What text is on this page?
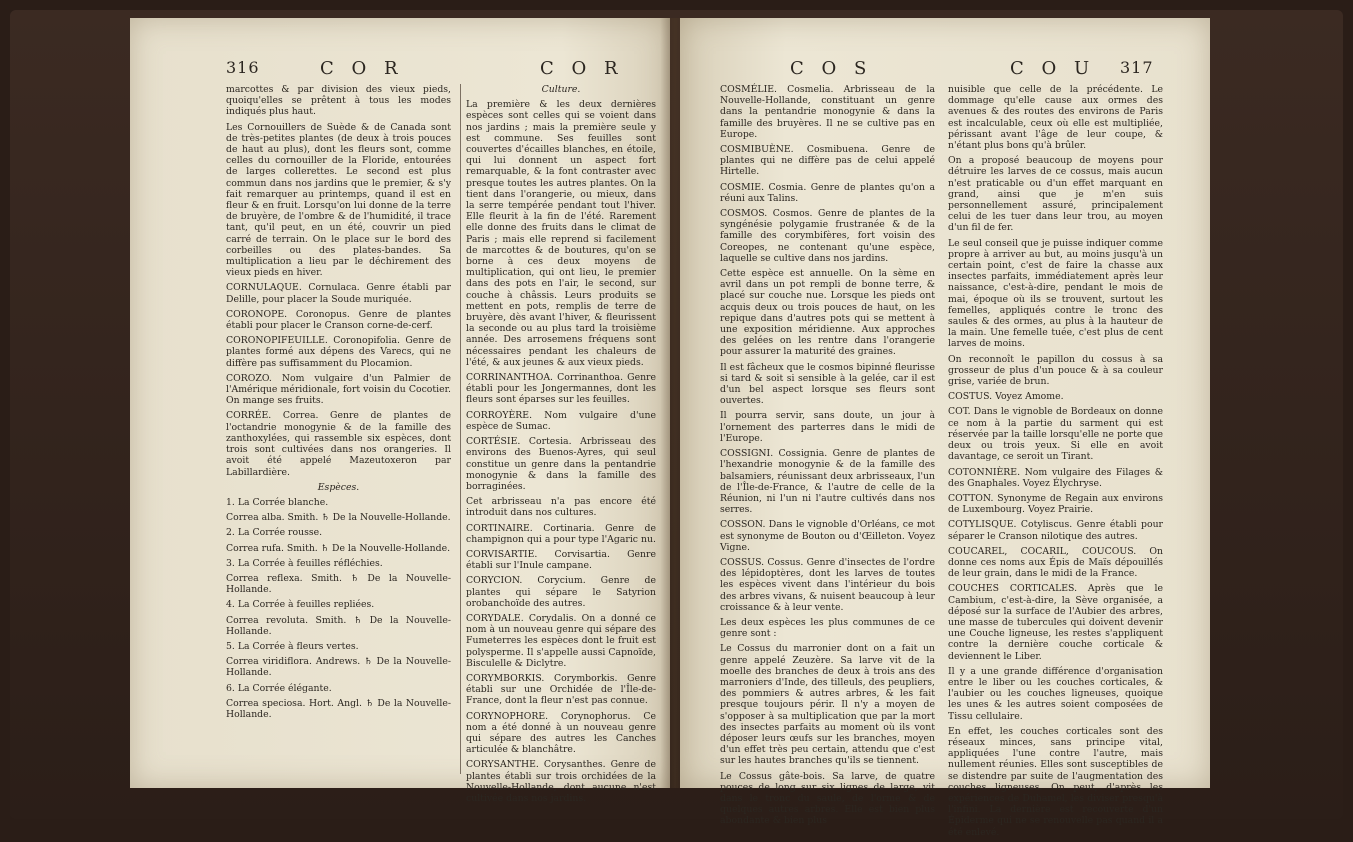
316	C O R	C O R

marcottes & par division des vieux pieds, quoiqu'elles se prêtent à tous les modes indiqués plus haut.

Les Cornouillers de Suède & de Canada sont de très-petites plantes (de deux à trois pouces de haut au plus), dont les fleurs sont, comme celles du cornouiller de la Floride, entourées de larges collerettes. Le second est plus commun dans nos jardins que le premier, & s'y fait remarquer au printemps, quand il est en fleur & en fruit. Lorsqu'on lui donne de la terre de bruyère, de l'ombre & de l'humidité, il trace tant, qu'il peut, en un été, couvrir un pied carré de terrain. On le place sur le bord des corbeilles ou des plates-bandes. Sa multiplication a lieu par le déchirement des vieux pieds en hiver.

CORNULAQUE. Cornulaca. Genre établi par Delille, pour placer la Soude muriquée.

CORONOPE. Coronopus. Genre de plantes établi pour placer le Cranson corne-de-cerf.

CORONOPIFEUILLE. Coronopifolia. Genre de plantes formé aux dépens des Varecs, qui ne diffère pas suffisamment du Plocamion.

COROZO. Nom vulgaire d'un Palmier de l'Amérique méridionale, fort voisin du Cocotier. On mange ses fruits.

CORRÉE. Correa. Genre de plantes de l'octandrie monogynie & de la famille des zanthoxylées, qui rassemble six espèces, dont trois sont cultivées dans nos orangeries. Il avoit été appelé Mazeutoxeron par Labillardière.

Espèces.

1. La Corrée blanche.

Correa alba. Smith. ♄ De la Nouvelle-Hollande.

2. La Corrée rousse.

Correa rufa. Smith. ♄ De la Nouvelle-Hollande.

3. La Corrée à feuilles réfléchies.

Correa reflexa. Smith. ♄ De la Nouvelle-Hollande.

4. La Corrée à feuilles repliées.

Correa revoluta. Smith. ♄ De la Nouvelle-Hollande.

5. La Corrée à fleurs vertes.

Correa viridiflora. Andrews. ♄ De la Nouvelle-Hollande.

6. La Corrée élégante.

Correa speciosa. Hort. Angl. ♄ De la Nouvelle-Hollande.

Culture.

La première & les deux dernières espèces sont celles qui se voient dans nos jardins ; mais la première seule y est commune. Ses feuilles sont couvertes d'écailles blanches, en étoile, qui lui donnent un aspect fort remarquable, & la font contraster avec presque toutes les autres plantes. On la tient dans l'orangerie, ou mieux, dans la serre tempérée pendant tout l'hiver. Elle fleurit à la fin de l'été. Rarement elle donne des fruits dans le climat de Paris ; mais elle reprend si facilement de marcottes & de boutures, qu'on se borne à ces deux moyens de multiplication, qui ont lieu, le premier dans des pots en l'air, le second, sur couche à châssis. Leurs produits se mettent en pots, remplis de terre de bruyère, dès avant l'hiver, & fleurissent la seconde ou au plus tard la troisième année. Des arrosemens fréquens sont nécessaires pendant les chaleurs de l'été, & aux jeunes & aux vieux pieds.

CORRINANTHOA. Corrinanthoa. Genre établi pour les Jongermannes, dont les fleurs sont éparses sur les feuilles.

CORROYÈRE. Nom vulgaire d'une espèce de Sumac.

CORTÉSIE. Cortesia. Arbrisseau des environs des Buenos-Ayres, qui seul constitue un genre dans la pentandrie monogynie & dans la famille des borraginées.

Cet arbrisseau n'a pas encore été introduit dans nos cultures.

CORTINAIRE. Cortinaria. Genre de champignon qui a pour type l'Agaric nu.

CORVISARTIE. Corvisartia. Genre établi sur l'Inule campane.

CORYCION. Corycium. Genre de plantes qui sépare le Satyrion orobanchoïde des autres.

CORYDALE. Corydalis. On a donné ce nom à un nouveau genre qui sépare des Fumeterres les espèces dont le fruit est polysperme. Il s'appelle aussi Capnoïde, Bisculelle & Diclytre.

CORYMBORKIS. Corymborkis. Genre établi sur une Orchidée de l'Île-de-France, dont la fleur n'est pas connue.

CORYNOPHORE. Corynophorus. Ce nom a été donné à un nouveau genre qui sépare des autres les Canches articulée & blanchâtre.

CORYSANTHE. Corysanthes. Genre de plantes établi sur trois orchidées de la Nouvelle-Hollande, dont aucune n'est cultivée dans nos jardins.

C O S	C O U 317

COSMÉLIE. Cosmelia. Arbrisseau de la Nouvelle-Hollande, constituant un genre dans la pentandrie monogynie & dans la famille des bruyères. Il ne se cultive pas en Europe.

COSMIBUÈNE. Cosmibuena. Genre de plantes qui ne diffère pas de celui appelé Hirtelle.

COSMIE. Cosmia. Genre de plantes qu'on a réuni aux Talins.

COSMOS. Cosmos. Genre de plantes de la syngénésie polygamie frustranée & de la famille des corymbifères, fort voisin des Coreopes, ne contenant qu'une espèce, laquelle se cultive dans nos jardins.

Cette espèce est annuelle. On la sème en avril dans un pot rempli de bonne terre, & placé sur couche nue. Lorsque les pieds ont acquis deux ou trois pouces de haut, on les repique dans d'autres pots qui se mettent à une exposition méridienne. Aux approches des gelées on les rentre dans l'orangerie pour assurer la maturité des graines.

Il est fâcheux que le cosmos bipinné fleurisse si tard & soit si sensible à la gelée, car il est d'un bel aspect lorsque ses fleurs sont ouvertes.

Il pourra servir, sans doute, un jour à l'ornement des parterres dans le midi de l'Europe.

COSSIGNI. Cossignia. Genre de plantes de l'hexandrie monogynie & de la famille des balsamiers, réunissant deux arbrisseaux, l'un de l'Île-de-France, & l'autre de celle de la Réunion, ni l'un ni l'autre cultivés dans nos serres.

COSSON. Dans le vignoble d'Orléans, ce mot est synonyme de Bouton ou d'Œilleton. Voyez Vigne.

COSSUS. Cossus. Genre d'insectes de l'ordre des lépidoptères, dont les larves de toutes les espèces vivent dans l'intérieur du bois des arbres vivans, & nuisent beaucoup à leur croissance & à leur vente.

Les deux espèces les plus communes de ce genre sont :

Le Cossus du marronier dont on a fait un genre appelé Zeuzère. Sa larve vit de la moelle des branches de deux à trois ans des marroniers d'Inde, des tilleuls, des peupliers, des pommiers & autres arbres, & les fait presque toujours périr. Il n'y a moyen de s'opposer à sa multiplication que par la mort des insectes parfaits au moment où ils vont déposer leurs œufs sur les branches, moyen d'un effet très peu certain, attendu que c'est sur les hautes branches qu'ils se tiennent.

Le Cossus gâte-bois. Sa larve, de quatre pouces de long sur six lignes de large, vit dans le tronc du saule, de l'orme & de quelques autres arbres. Elle est bien plus abondante & bien plus

nuisible que celle de la précédente. Le dommage qu'elle cause aux ormes des avenues & des routes des environs de Paris est incalculable, ceux où elle est multipliée, périssant avant l'âge de leur coupe, & n'étant plus bons qu'à brûler.

On a proposé beaucoup de moyens pour détruire les larves de ce cossus, mais aucun n'est praticable ou d'un effet marquant en grand, ainsi que je m'en suis personnellement assuré, principalement celui de les tuer dans leur trou, au moyen d'un fil de fer.

Le seul conseil que je puisse indiquer comme propre à arriver au but, au moins jusqu'à un certain point, c'est de faire la chasse aux insectes parfaits, immédiatement après leur naissance, c'est-à-dire, pendant le mois de mai, époque où ils se trouvent, surtout les femelles, appliqués contre le tronc des saules & des ormes, au plus à la hauteur de la main. Une femelle tuée, c'est plus de cent larves de moins.

On reconnoît le papillon du cossus à sa grosseur de plus d'un pouce & à sa couleur grise, variée de brun.

COSTUS. Voyez Amome.

COT. Dans le vignoble de Bordeaux on donne ce nom à la partie du sarment qui est réservée par la taille lorsqu'elle ne porte que deux ou trois yeux. Si elle en avoit davantage, ce seroit un Tirant.

COTONNIÈRE. Nom vulgaire des Filages & des Gnaphales. Voyez Élychryse.

COTTON. Synonyme de Regain aux environs de Luxembourg. Voyez Prairie.

COTYLISQUE. Cotyliscus. Genre établi pour séparer le Cranson nilotique des autres.

COUCAREL, COCARIL, COUCOUS. On donne ces noms aux Épis de Maïs dépouillés de leur grain, dans le midi de la France.

COUCHES CORTICALES. Après que le Cambium, c'est-à-dire, la Sève organisée, a déposé sur la surface de l'Aubier des arbres, une masse de tubercules qui doivent devenir une Couche ligneuse, les restes s'appliquent contre la dernière couche corticale & deviennent le Liber.

Il y a une grande différence d'organisation entre le liber ou les couches corticales, & l'aubier ou les couches ligneuses, quoique les unes & les autres soient composées de Tissu cellulaire.

En effet, les couches corticales sont des réseaux minces, sans principe vital, appliquées l'une contre l'autre, mais nullement réunies. Elles sont susceptibles de se distendre par suite de l'augmentation des couches ligneuses. On peut, d'après les expériences de Duhamel, les diviser presqu'à l'infini. La dernière est recouverte d'un Épiderme qui ne se renouvelle pas quand il a été enlevé.
